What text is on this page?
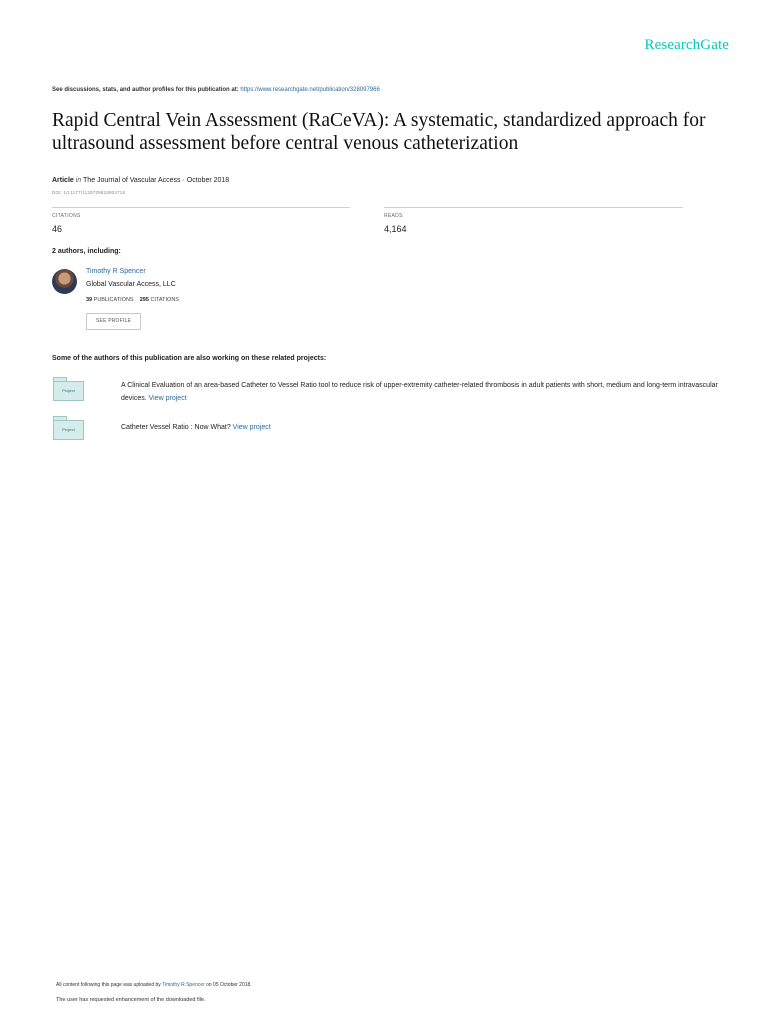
ResearchGate
See discussions, stats, and author profiles for this publication at: https://www.researchgate.net/publication/328097966
Rapid Central Vein Assessment (RaCeVA): A systematic, standardized approach for ultrasound assessment before central venous catheterization
Article in The Journal of Vascular Access · October 2018
DOI: 10.1177/1129729818804718
CITATIONS
46
READS
4,164
2 authors, including:
Timothy R Spencer
Global Vascular Access, LLC
39 PUBLICATIONS 295 CITATIONS
SEE PROFILE
Some of the authors of this publication are also working on these related projects:
Project
A Clinical Evaluation of an area-based Catheter to Vessel Ratio tool to reduce risk of upper-extremity catheter-related thrombosis in adult patients with short, medium and long-term intravascular devices. View project
Project	Catheter Vessel Ratio : Now What? View project
All content following this page was uploaded by Timothy R Spencer on 05 October 2018.
The user has requested enhancement of the downloaded file.
